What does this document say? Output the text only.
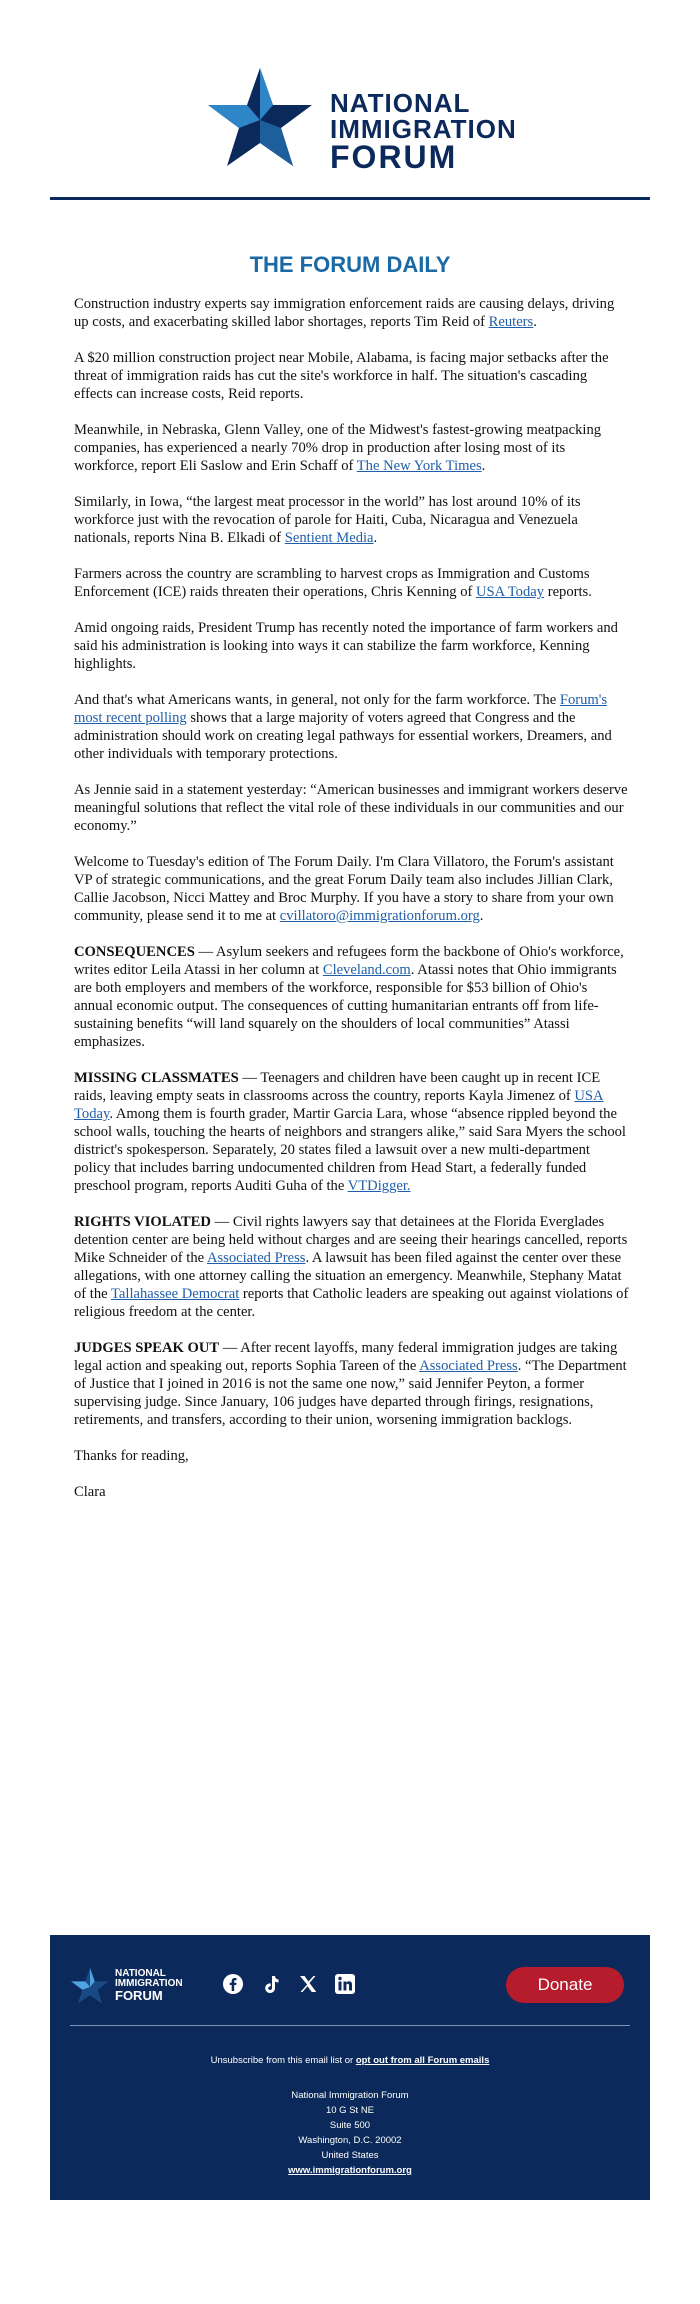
NATIONAL
IMMIGRATION
FORUM
THE FORUM DAILY

Construction industry experts say immigration enforcement raids are causing delays, driving up costs, and exacerbating skilled labor shortages, reports Tim Reid of Reuters.

A $20 million construction project near Mobile, Alabama, is facing major setbacks after the threat of immigration raids has cut the site's workforce in half. The situation's cascading effects can increase costs, Reid reports.

Meanwhile, in Nebraska, Glenn Valley, one of the Midwest's fastest-growing meatpacking companies, has experienced a nearly 70% drop in production after losing most of its workforce, report Eli Saslow and Erin Schaff of The New York Times.

Similarly, in Iowa, “the largest meat processor in the world” has lost around 10% of its workforce just with the revocation of parole for Haiti, Cuba, Nicaragua and Venezuela nationals, reports Nina B. Elkadi of Sentient Media.

Farmers across the country are scrambling to harvest crops as Immigration and Customs Enforcement (ICE) raids threaten their operations, Chris Kenning of USA Today reports.

Amid ongoing raids, President Trump has recently noted the importance of farm workers and said his administration is looking into ways it can stabilize the farm workforce, Kenning highlights.

And that's what Americans wants, in general, not only for the farm workforce. The Forum's most recent polling shows that a large majority of voters agreed that Congress and the administration should work on creating legal pathways for essential workers, Dreamers, and other individuals with temporary protections.

As Jennie said in a statement yesterday: “American businesses and immigrant workers deserve meaningful solutions that reflect the vital role of these individuals in our communities and our economy.”

Welcome to Tuesday's edition of The Forum Daily. I'm Clara Villatoro, the Forum's assistant VP of strategic communications, and the great Forum Daily team also includes Jillian Clark, Callie Jacobson, Nicci Mattey and Broc Murphy. If you have a story to share from your own community, please send it to me at cvillatoro@immigrationforum.org.

CONSEQUENCES — Asylum seekers and refugees form the backbone of Ohio's workforce, writes editor Leila Atassi in her column at Cleveland.com. Atassi notes that Ohio immigrants are both employers and members of the workforce, responsible for $53 billion of Ohio's annual economic output. The consequences of cutting humanitarian entrants off from life-sustaining benefits “will land squarely on the shoulders of local communities” Atassi emphasizes.

MISSING CLASSMATES — Teenagers and children have been caught up in recent ICE raids, leaving empty seats in classrooms across the country, reports Kayla Jimenez of USA Today. Among them is fourth grader, Martir Garcia Lara, whose “absence rippled beyond the school walls, touching the hearts of neighbors and strangers alike,” said Sara Myers the school district's spokesperson. Separately, 20 states filed a lawsuit over a new multi-department policy that includes barring undocumented children from Head Start, a federally funded preschool program, reports Auditi Guha of the VTDigger.

RIGHTS VIOLATED — Civil rights lawyers say that detainees at the Florida Everglades detention center are being held without charges and are seeing their hearings cancelled, reports Mike Schneider of the Associated Press. A lawsuit has been filed against the center over these allegations, with one attorney calling the situation an emergency. Meanwhile, Stephany Matat of the Tallahassee Democrat reports that Catholic leaders are speaking out against violations of religious freedom at the center.

JUDGES SPEAK OUT — After recent layoffs, many federal immigration judges are taking legal action and speaking out, reports Sophia Tareen of the Associated Press. “The Department of Justice that I joined in 2016 is not the same one now,” said Jennifer Peyton, a former supervising judge. Since January, 106 judges have departed through firings, resignations, retirements, and transfers, according to their union, worsening immigration backlogs.

Thanks for reading,

Clara

NATIONAL
IMMIGRATION
FORUM

Donate
Unsubscribe from this email list or opt out from all Forum emails
National Immigration Forum
10 G St NE
Suite 500
Washington, D.C. 20002
United States
www.immigrationforum.org
